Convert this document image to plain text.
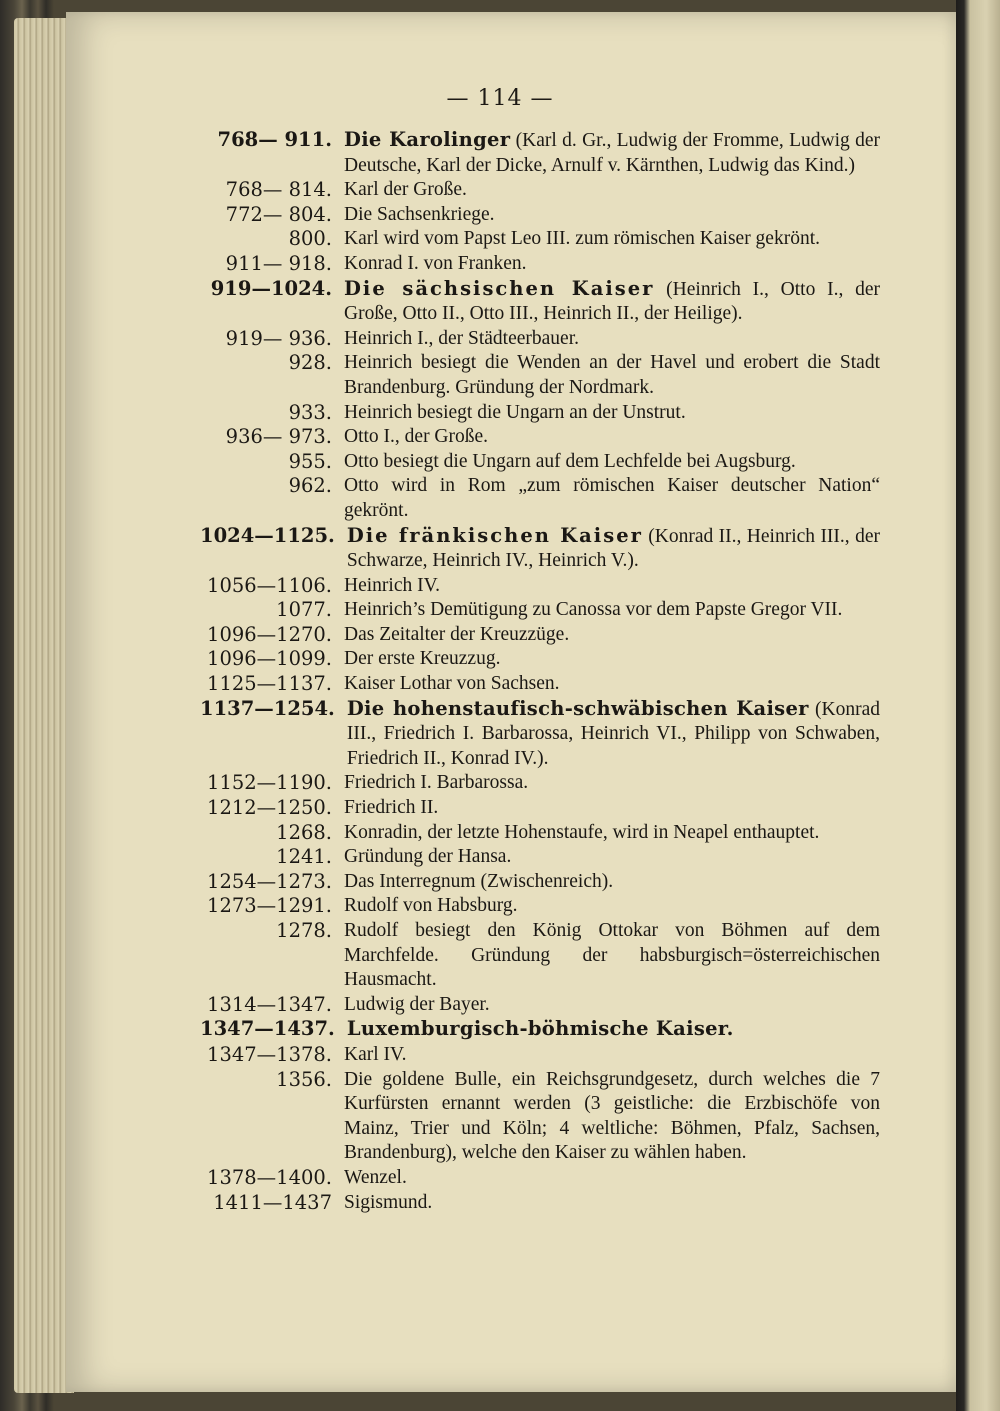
— 114 —
768— 911. Die Karolinger (Karl d. Gr., Ludwig der Fromme, Ludwig der Deutsche, Karl der Dicke, Arnulf v. Kärnthen, Ludwig das Kind.)
768— 814. Karl der Große.
772— 804. Die Sachsenkriege.
800. Karl wird vom Papst Leo III. zum römischen Kaiser gekrönt.
911— 918. Konrad I. von Franken.
919—1024. Die sächsischen Kaiser (Heinrich I., Otto I., der Große, Otto II., Otto III., Heinrich II., der Heilige).
919— 936. Heinrich I., der Städteerbauer.
928. Heinrich besiegt die Wenden an der Havel und erobert die Stadt Brandenburg. Gründung der Nordmark.
933. Heinrich besiegt die Ungarn an der Unstrut.
936— 973. Otto I., der Große.
955. Otto besiegt die Ungarn auf dem Lechfelde bei Augsburg.
962. Otto wird in Rom „zum römischen Kaiser deutscher Nation“ gekrönt.
1024—1125. Die fränkischen Kaiser (Konrad II., Heinrich III., der Schwarze, Heinrich IV., Heinrich V.).
1056—1106. Heinrich IV.
1077. Heinrich’s Demütigung zu Canossa vor dem Papste Gregor VII.
1096—1270. Das Zeitalter der Kreuzzüge.
1096—1099. Der erste Kreuzzug.
1125—1137. Kaiser Lothar von Sachsen.
1137—1254. Die hohenstaufisch-schwäbischen Kaiser (Konrad III., Friedrich I. Barbarossa, Heinrich VI., Philipp von Schwaben, Friedrich II., Konrad IV.).
1152—1190. Friedrich I. Barbarossa.
1212—1250. Friedrich II.
1268. Konradin, der letzte Hohenstaufe, wird in Neapel enthauptet.
1241. Gründung der Hansa.
1254—1273. Das Interregnum (Zwischenreich).
1273—1291. Rudolf von Habsburg.
1278. Rudolf besiegt den König Ottokar von Böhmen auf dem Marchfelde. Gründung der habsburgisch=österreichischen Hausmacht.
1314—1347. Ludwig der Bayer.
1347—1437. Luxemburgisch-böhmische Kaiser.
1347—1378. Karl IV.
1356. Die goldene Bulle, ein Reichsgrundgesetz, durch welches die 7 Kurfürsten ernannt werden (3 geistliche: die Erzbischöfe von Mainz, Trier und Köln; 4 weltliche: Böhmen, Pfalz, Sachsen, Brandenburg), welche den Kaiser zu wählen haben.
1378—1400. Wenzel.
1411—1437 Sigismund.
